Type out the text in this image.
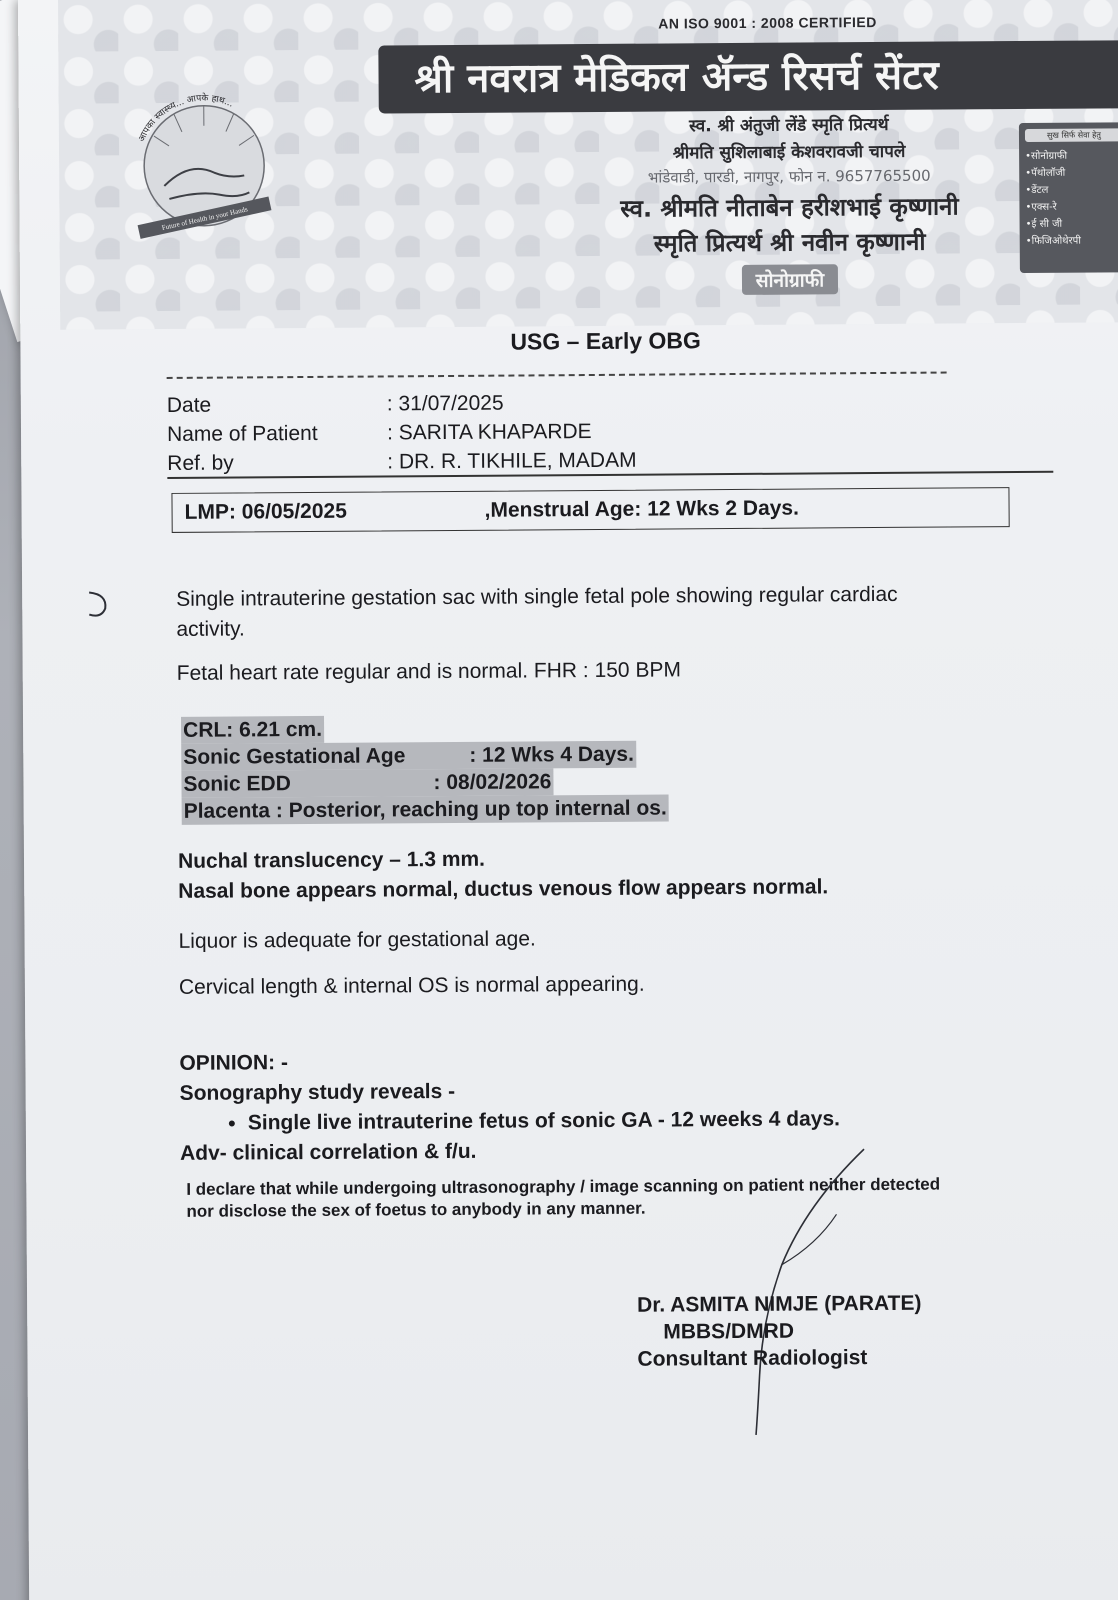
AN ISO 9001 : 2008 CERTIFIED
श्री नवरात्र मेडिकल ॲन्ड रिसर्च सेंटर
आपका स्वास्थ्य... आपके हाथ...
Future of Health in your Hands
स्व. श्री अंतुजी लेंडे स्मृति प्रित्यर्थ
श्रीमति सुशिलाबाई केशवरावजी चापले
भांडेवाडी, पारडी, नागपुर, फोन न. 9657765500
स्व. श्रीमति नीताबेन हरीशभाई कृष्णानी
स्मृति प्रित्यर्थ श्री नवीन कृष्णानी
सोनोग्राफी
सुख सिर्फ सेवा हेतु
• सोनोग्राफी
• पॅथोलॉजी
• डेंटल
• एक्स-रे
• ई सी जी
• फिजिओथेरपी
USG – Early OBG
Date	: 31/07/2025
Name of Patient	: SARITA KHAPARDE
Ref. by	: DR. R. TIKHILE, MADAM
LMP: 06/05/2025	,Menstrual Age: 12 Wks 2 Days.

Single intrauterine gestation sac with single fetal pole showing regular cardiac activity.

Fetal heart rate regular and is normal. FHR : 150 BPM

CRL: 6.21 cm.
Sonic Gestational Age	: 12 Wks 4 Days.
Sonic EDD	: 08/02/2026
Placenta : Posterior, reaching up top internal os.

Nuchal translucency – 1.3 mm.

Nasal bone appears normal, ductus venous flow appears normal.

Liquor is adequate for gestational age.

Cervical length & internal OS is normal appearing.

OPINION: -

Sonography study reveals -

• Single live intrauterine fetus of sonic GA - 12 weeks 4 days.

Adv- clinical correlation & f/u.

I declare that while undergoing ultrasonography / image scanning on patient neither detected nor disclose the sex of foetus to anybody in any manner.
Dr. ASMITA NIMJE (PARATE)
MBBS/DMRD
Consultant Radiologist
